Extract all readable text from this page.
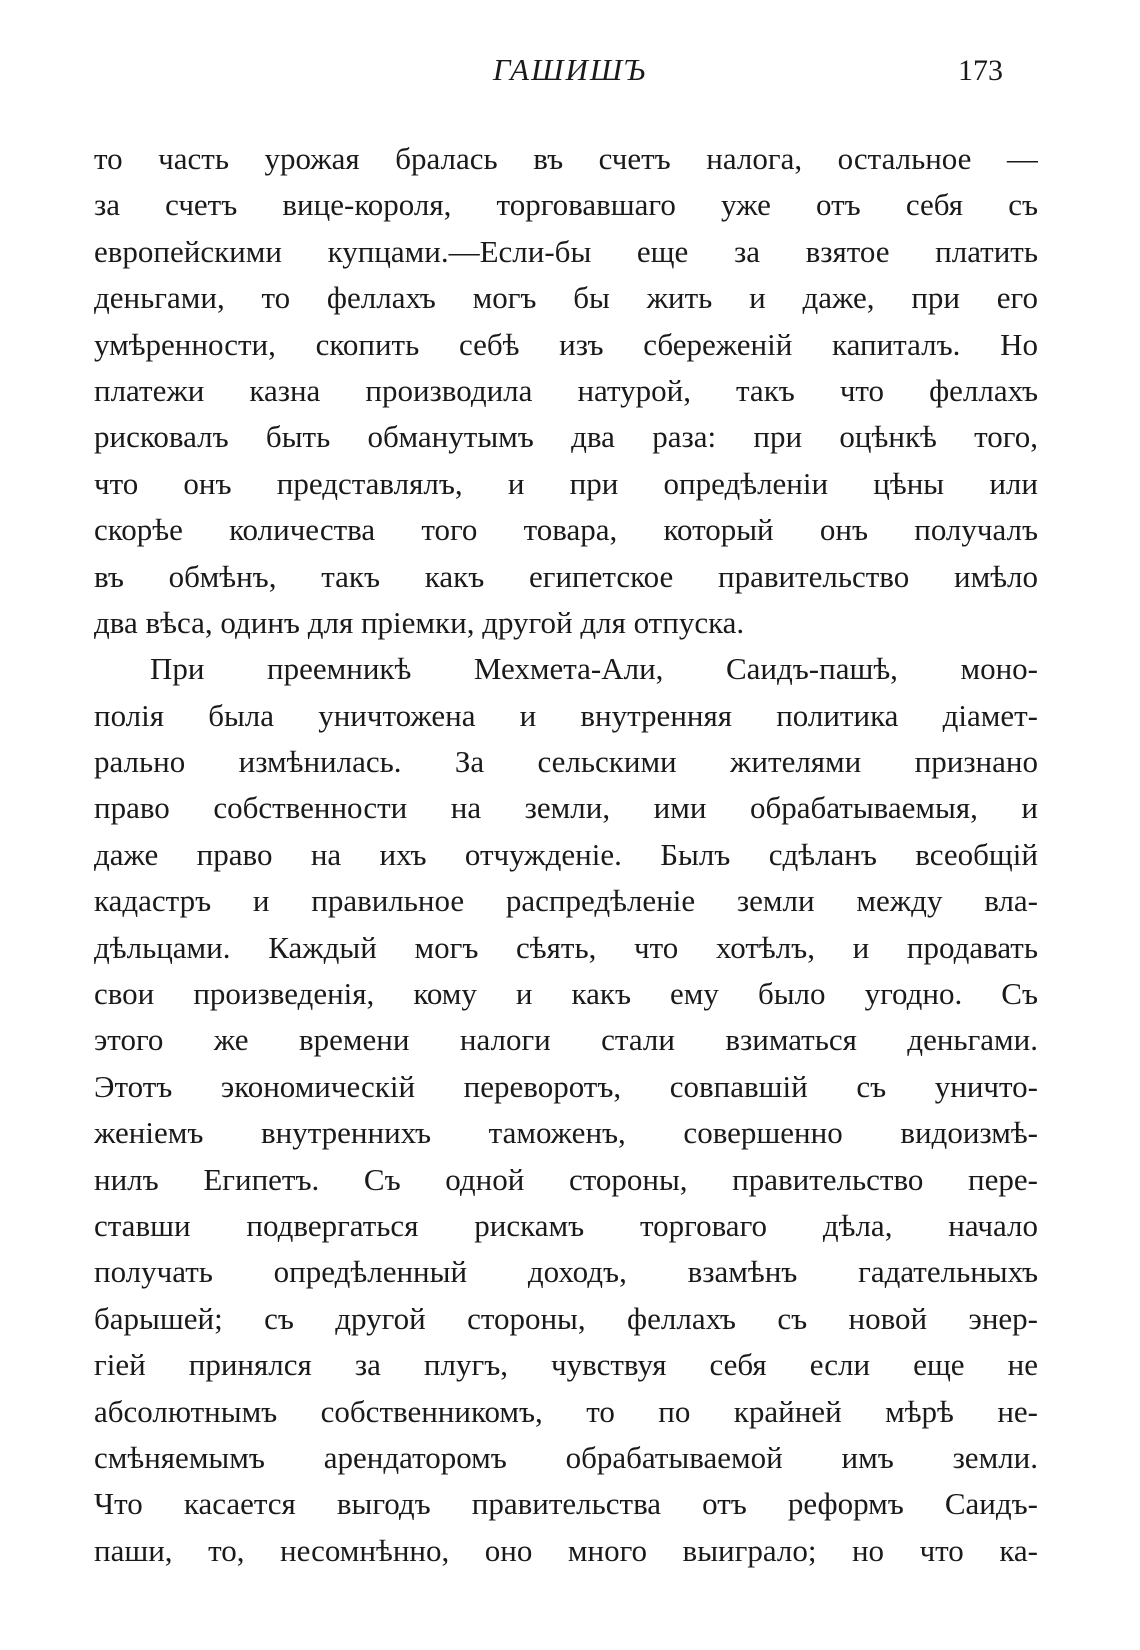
ГАШИШЪ	173
то часть урожая бралась въ счетъ налога, остальное —
за счетъ вице-короля, торговавшаго уже отъ себя съ
европейскими купцами.—Если-бы еще за взятое платить
деньгами, то феллахъ могъ бы жить и даже, при его
умѣренности, скопить себѣ изъ сбереженій капиталъ. Но
платежи казна производила натурой, такъ что феллахъ
рисковалъ быть обманутымъ два раза: при оцѣнкѣ того,
что онъ представлялъ, и при опредѣленіи цѣны или
скорѣе количества того товара, который онъ получалъ
въ обмѣнъ, такъ какъ египетское правительство имѣло
два вѣса, одинъ для пріемки, другой для отпуска.
При преемникѣ Мехмета-Али, Саидъ-пашѣ, моно-
полія была уничтожена и внутренняя политика діамет-
рально измѣнилась. За сельскими жителями признано
право собственности на земли, ими обрабатываемыя, и
даже право на ихъ отчужденіе. Былъ сдѣланъ всеобщій
кадастръ и правильное распредѣленіе земли между вла-
дѣльцами. Каждый могъ сѣять, что хотѣлъ, и продавать
свои произведенія, кому и какъ ему было угодно. Съ
этого же времени налоги стали взиматься деньгами.
Этотъ экономическій переворотъ, совпавшій съ уничто-
женіемъ внутреннихъ таможенъ, совершенно видоизмѣ-
нилъ Египетъ. Съ одной стороны, правительство пере-
ставши подвергаться рискамъ торговаго дѣла, начало
получать опредѣленный доходъ, взамѣнъ гадательныхъ
барышей; съ другой стороны, феллахъ съ новой энер-
гіей принялся за плугъ, чувствуя себя если еще не
абсолютнымъ собственникомъ, то по крайней мѣрѣ не-
смѣняемымъ арендаторомъ обрабатываемой имъ земли.
Что касается выгодъ правительства отъ реформъ Саидъ-
паши, то, несомнѣнно, оно много выиграло; но что ка-
